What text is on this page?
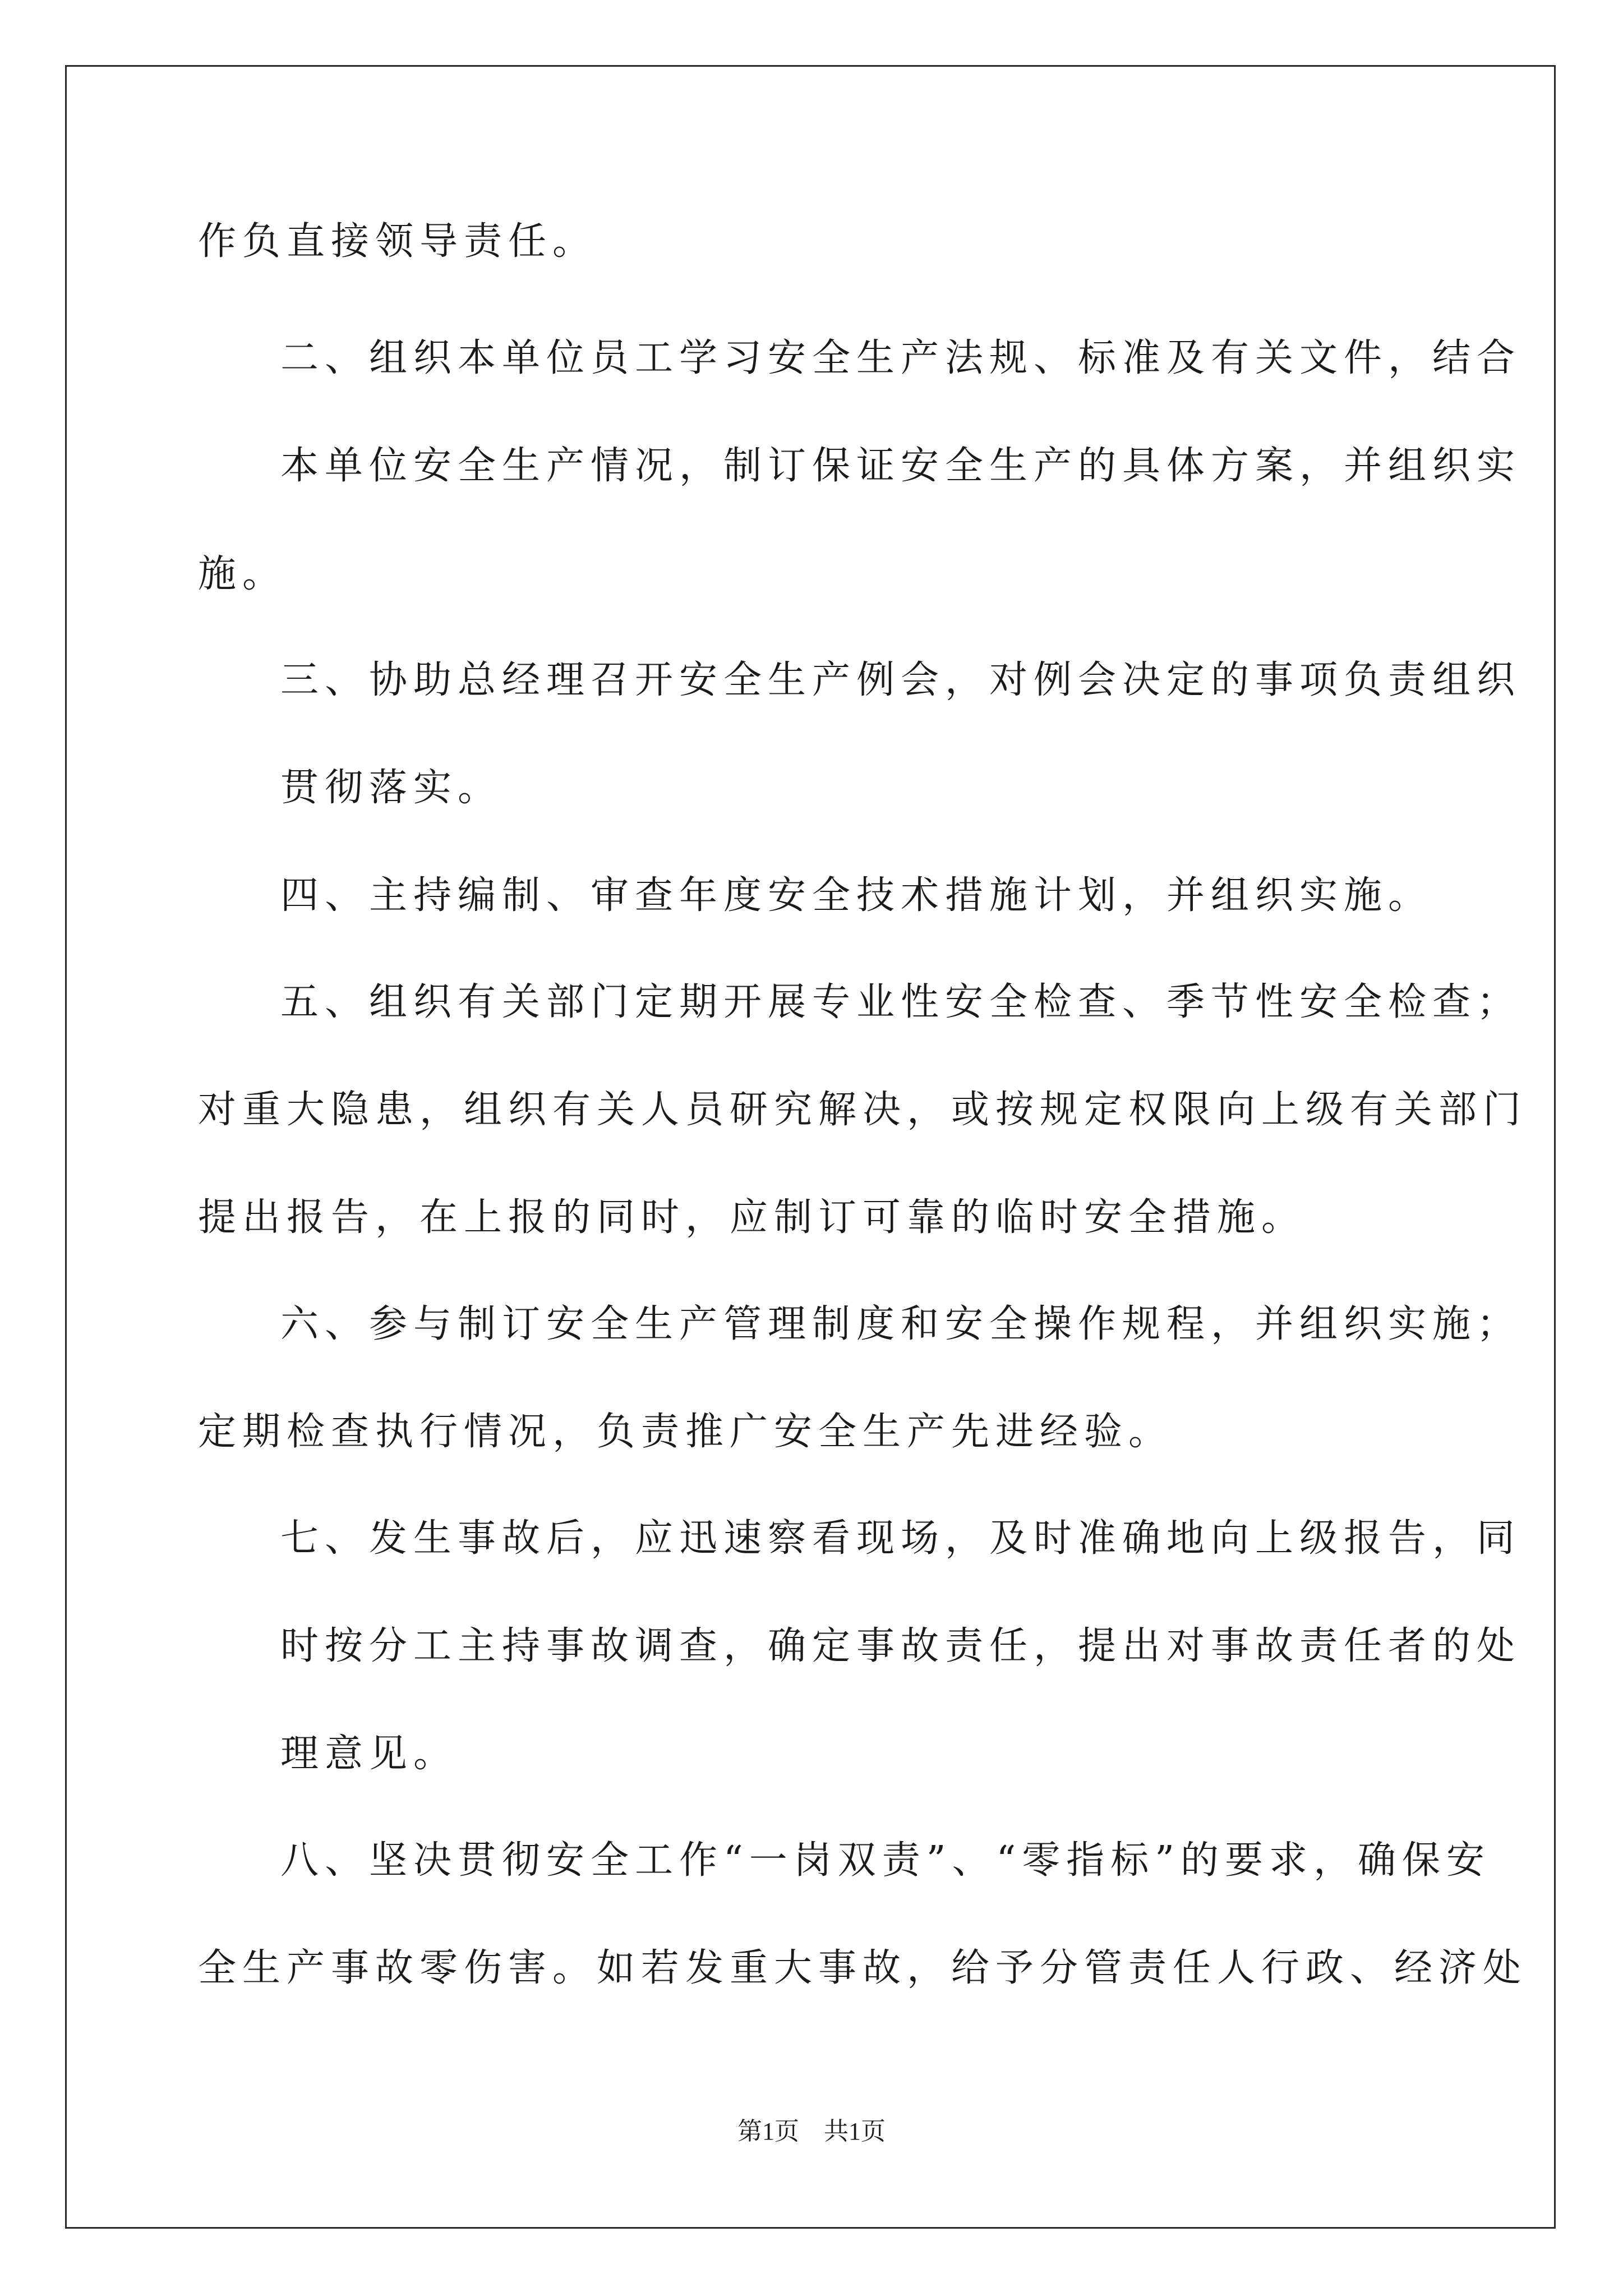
作负直接领导责任。
二、组织本单位员工学习安全生产法规、标准及有关文件，结合
本单位安全生产情况，制订保证安全生产的具体方案，并组织实
施。
三、协助总经理召开安全生产例会，对例会决定的事项负责组织
贯彻落实。
四、主持编制、审查年度安全技术措施计划，并组织实施。
五、组织有关部门定期开展专业性安全检查、季节性安全检查；
对重大隐患，组织有关人员研究解决，或按规定权限向上级有关部门
提出报告，在上报的同时，应制订可靠的临时安全措施。
六、参与制订安全生产管理制度和安全操作规程，并组织实施；
定期检查执行情况，负责推广安全生产先进经验。
七、发生事故后，应迅速察看现场，及时准确地向上级报告，同
时按分工主持事故调查，确定事故责任，提出对事故责任者的处
理意见。
八、坚决贯彻安全工作“一岗双责”、“零指标”的要求，确保安
全生产事故零伤害。如若发重大事故，给予分管责任人行政、经济处
第1页　共1页
